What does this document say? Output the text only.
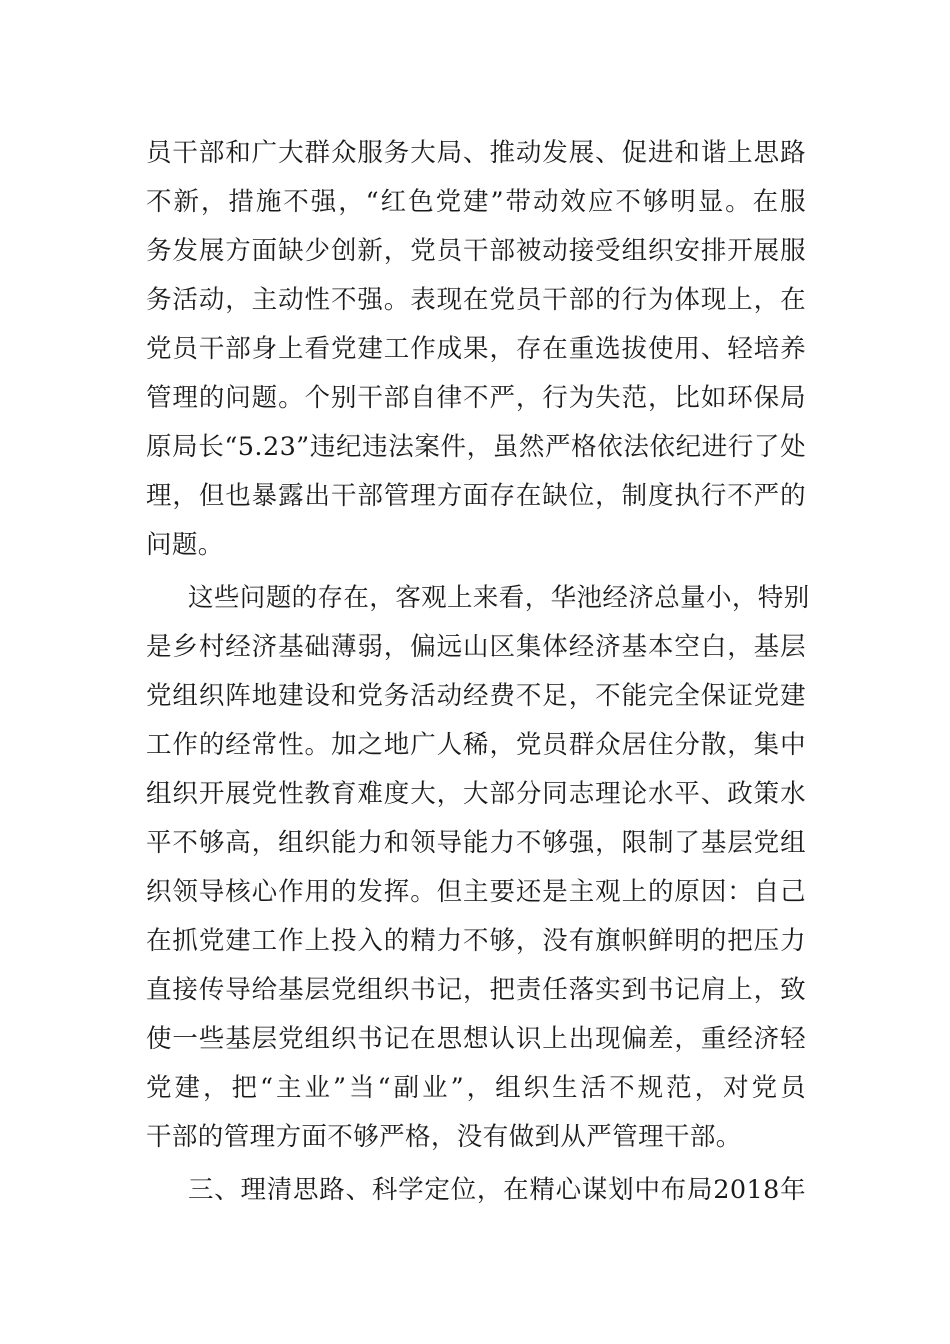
员干部和广大群众服务大局、推动发展、促进和谐上思路
不新，措施不强，“红色党建”带动效应不够明显。在服
务发展方面缺少创新，党员干部被动接受组织安排开展服
务活动，主动性不强。表现在党员干部的行为体现上，在
党员干部身上看党建工作成果，存在重选拔使用、轻培养
管理的问题。个别干部自律不严，行为失范，比如环保局
原局长“5.23”违纪违法案件，虽然严格依法依纪进行了处
理，但也暴露出干部管理方面存在缺位，制度执行不严的
问题。
这些问题的存在，客观上来看，华池经济总量小，特别
是乡村经济基础薄弱，偏远山区集体经济基本空白，基层
党组织阵地建设和党务活动经费不足，不能完全保证党建
工作的经常性。加之地广人稀，党员群众居住分散，集中
组织开展党性教育难度大，大部分同志理论水平、政策水
平不够高，组织能力和领导能力不够强，限制了基层党组
织领导核心作用的发挥。但主要还是主观上的原因：自己
在抓党建工作上投入的精力不够，没有旗帜鲜明的把压力
直接传导给基层党组织书记，把责任落实到书记肩上，致
使一些基层党组织书记在思想认识上出现偏差，重经济轻
党建，把“主业”当“副业”，组织生活不规范，对党员
干部的管理方面不够严格，没有做到从严管理干部。
三、理清思路、科学定位，在精心谋划中布局2018年
